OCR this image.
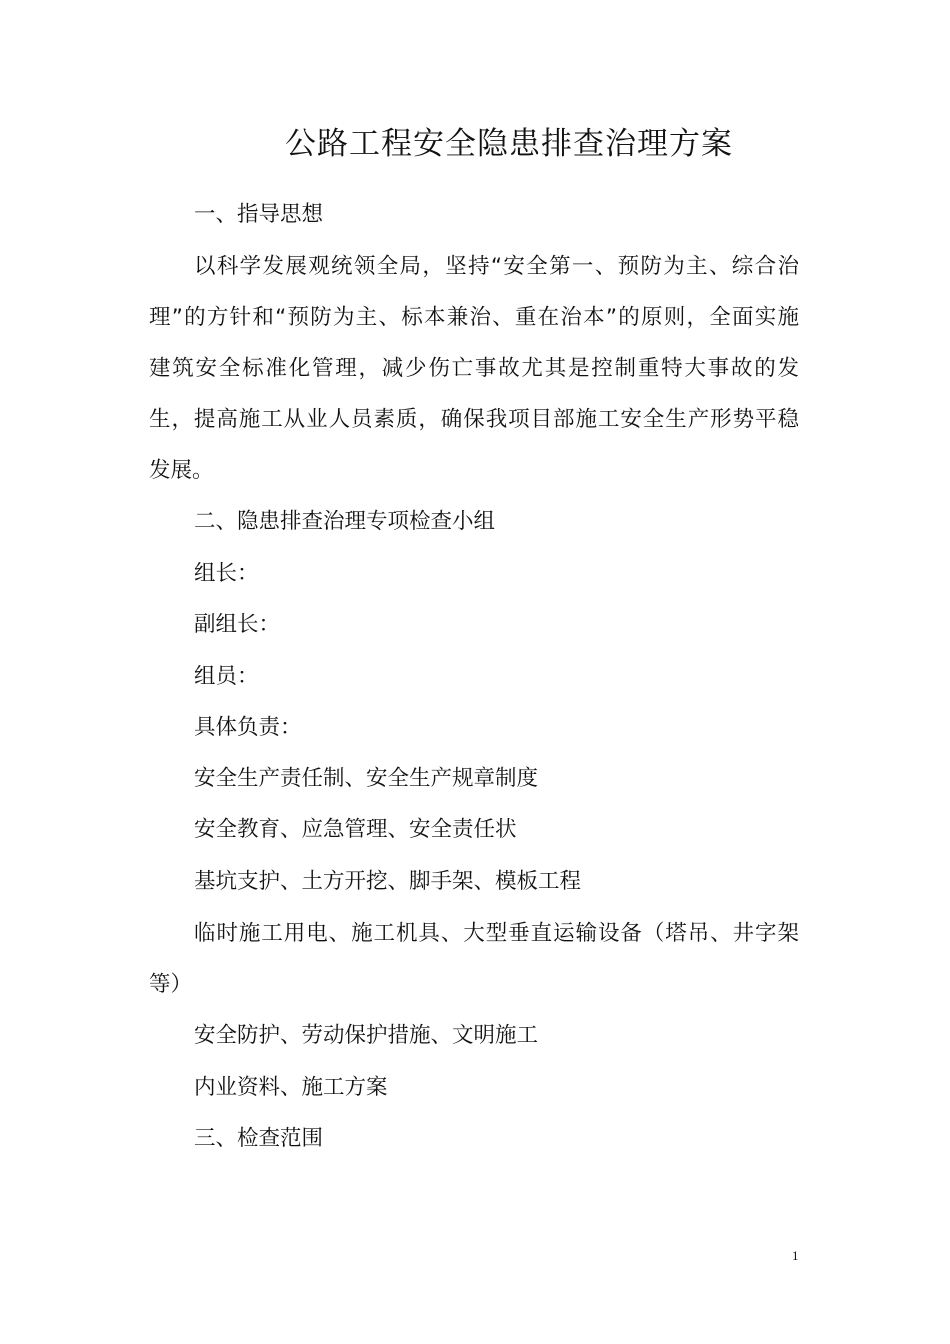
公路工程安全隐患排查治理方案
一、指导思想
以科学发展观统领全局，坚持“安全第一、预防为主、综合治
理”的方针和“预防为主、标本兼治、重在治本”的原则，全面实施
建筑安全标准化管理，减少伤亡事故尤其是控制重特大事故的发
生，提高施工从业人员素质，确保我项目部施工安全生产形势平稳
发展。
二、隐患排查治理专项检查小组
组长：
副组长：
组员：
具体负责：
安全生产责任制、安全生产规章制度
安全教育、应急管理、安全责任状
基坑支护、土方开挖、脚手架、模板工程
临时施工用电、施工机具、大型垂直运输设备（塔吊、井字架
等）
安全防护、劳动保护措施、文明施工
内业资料、施工方案
三、检查范围
1
